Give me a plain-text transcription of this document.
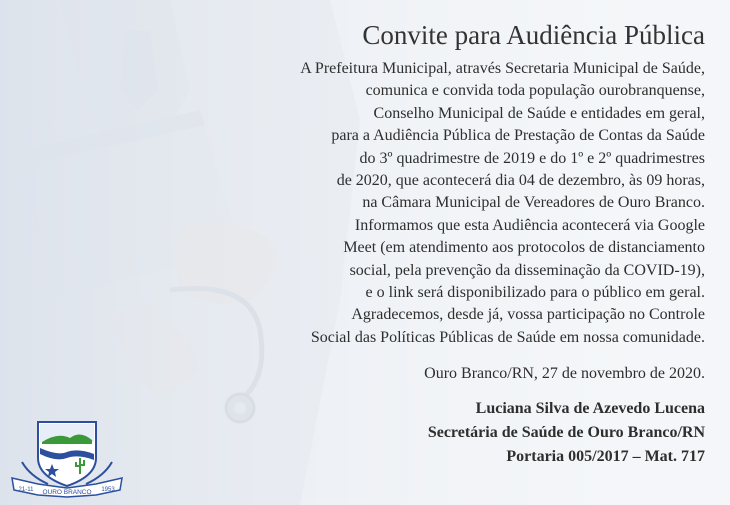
Convite para Audiência Pública
A Prefeitura Municipal, através Secretaria Municipal de Saúde,
comunica e convida toda população ourobranquense,
Conselho Municipal de Saúde e entidades em geral,
para a Audiência Pública de Prestação de Contas da Saúde
do 3º quadrimestre de 2019 e do 1º e 2º quadrimestres
de 2020, que acontecerá dia 04 de dezembro, às 09 horas,
na Câmara Municipal de Vereadores de Ouro Branco.
Informamos que esta Audiência acontecerá via Google
Meet (em atendimento aos protocolos de distanciamento
social, pela prevenção da disseminação da COVID-19),
e o link será disponibilizado para o público em geral.
Agradecemos, desde já, vossa participação no Controle
Social das Políticas Públicas de Saúde em nossa comunidade.
Ouro Branco/RN, 27 de novembro de 2020.
Luciana Silva de Azevedo Lucena
Secretária de Saúde de Ouro Branco/RN
Portaria 005/2017 – Mat. 717
21-11 OURO BRANCO 1953
